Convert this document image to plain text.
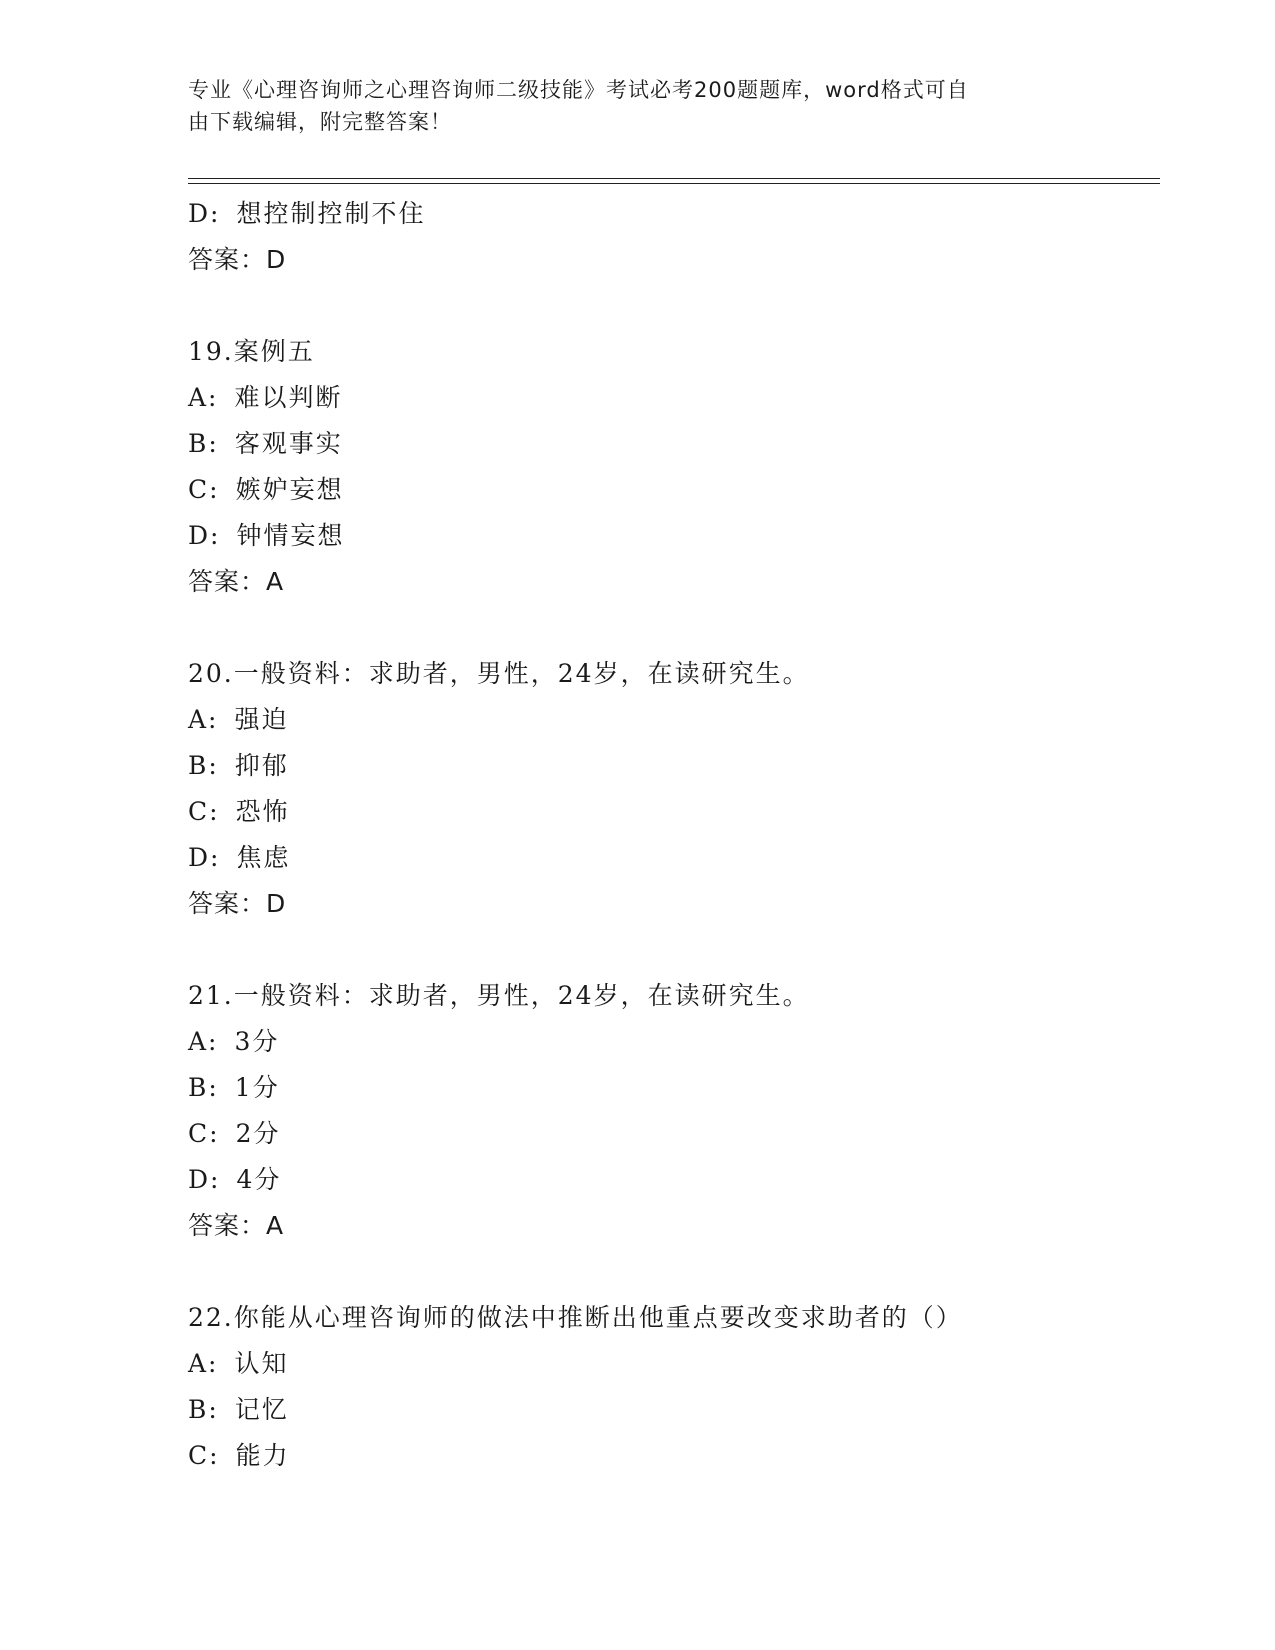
专业《心理咨询师之心理咨询师二级技能》考试必考200题题库，word格式可自
由下载编辑，附完整答案！
D: 想控制控制不住
答案：D
19.案例五
A: 难以判断
B: 客观事实
C: 嫉妒妄想
D: 钟情妄想
答案：A
20.一般资料：求助者，男性，24岁，在读研究生。
A: 强迫
B: 抑郁
C: 恐怖
D: 焦虑
答案：D
21.一般资料：求助者，男性，24岁，在读研究生。
A: 3分
B: 1分
C: 2分
D: 4分
答案：A
22.你能从心理咨询师的做法中推断出他重点要改变求助者的（）
A: 认知
B: 记忆
C: 能力
